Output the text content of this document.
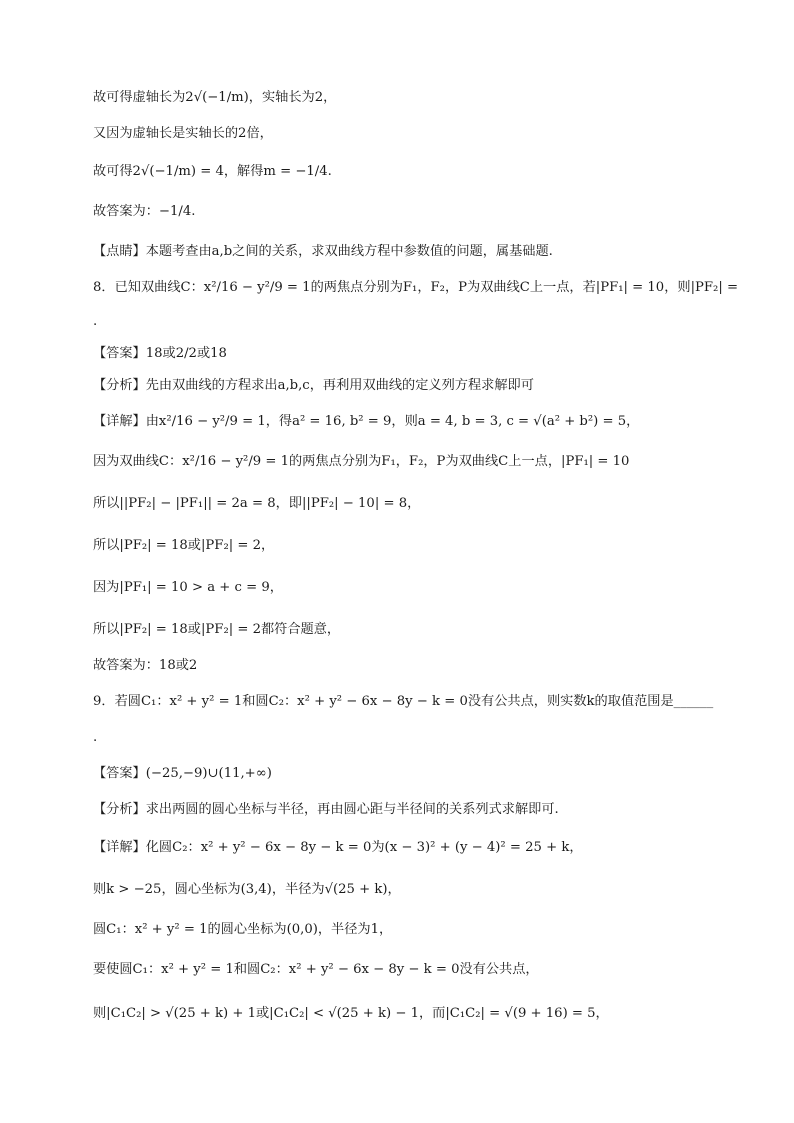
故可得虚轴长为2√(−1/m)，实轴长为2，
又因为虚轴长是实轴长的2倍，
故可得2√(−1/m) = 4，解得m = −1/4.
故答案为：−1/4.
【点睛】本题考查由a,b之间的关系，求双曲线方程中参数值的问题，属基础题.
8．已知双曲线C：x²/16 − y²/9 = 1的两焦点分别为F₁，F₂，P为双曲线C上一点，若|PF₁| = 10，则|PF₂| =
.
【答案】18或2/2或18
【分析】先由双曲线的方程求出a,b,c，再利用双曲线的定义列方程求解即可
【详解】由x²/16 − y²/9 = 1，得a² = 16, b² = 9，则a = 4, b = 3, c = √(a² + b²) = 5，
因为双曲线C：x²/16 − y²/9 = 1的两焦点分别为F₁，F₂，P为双曲线C上一点，|PF₁| = 10
所以||PF₂| − |PF₁|| = 2a = 8，即||PF₂| − 10| = 8，
所以|PF₂| = 18或|PF₂| = 2，
因为|PF₁| = 10 > a + c = 9，
所以|PF₂| = 18或|PF₂| = 2都符合题意，
故答案为：18或2
9．若圆C₁：x² + y² = 1和圆C₂：x² + y² − 6x − 8y − k = 0没有公共点，则实数k的取值范围是______
.
【答案】(−25,−9)∪(11,+∞)
【分析】求出两圆的圆心坐标与半径，再由圆心距与半径间的关系列式求解即可.
【详解】化圆C₂：x² + y² − 6x − 8y − k = 0为(x − 3)² + (y − 4)² = 25 + k，
则k > −25，圆心坐标为(3,4)，半径为√(25 + k)，
圆C₁：x² + y² = 1的圆心坐标为(0,0)，半径为1，
要使圆C₁：x² + y² = 1和圆C₂：x² + y² − 6x − 8y − k = 0没有公共点，
则|C₁C₂| > √(25 + k) + 1或|C₁C₂| < √(25 + k) − 1，而|C₁C₂| = √(9 + 16) = 5，
